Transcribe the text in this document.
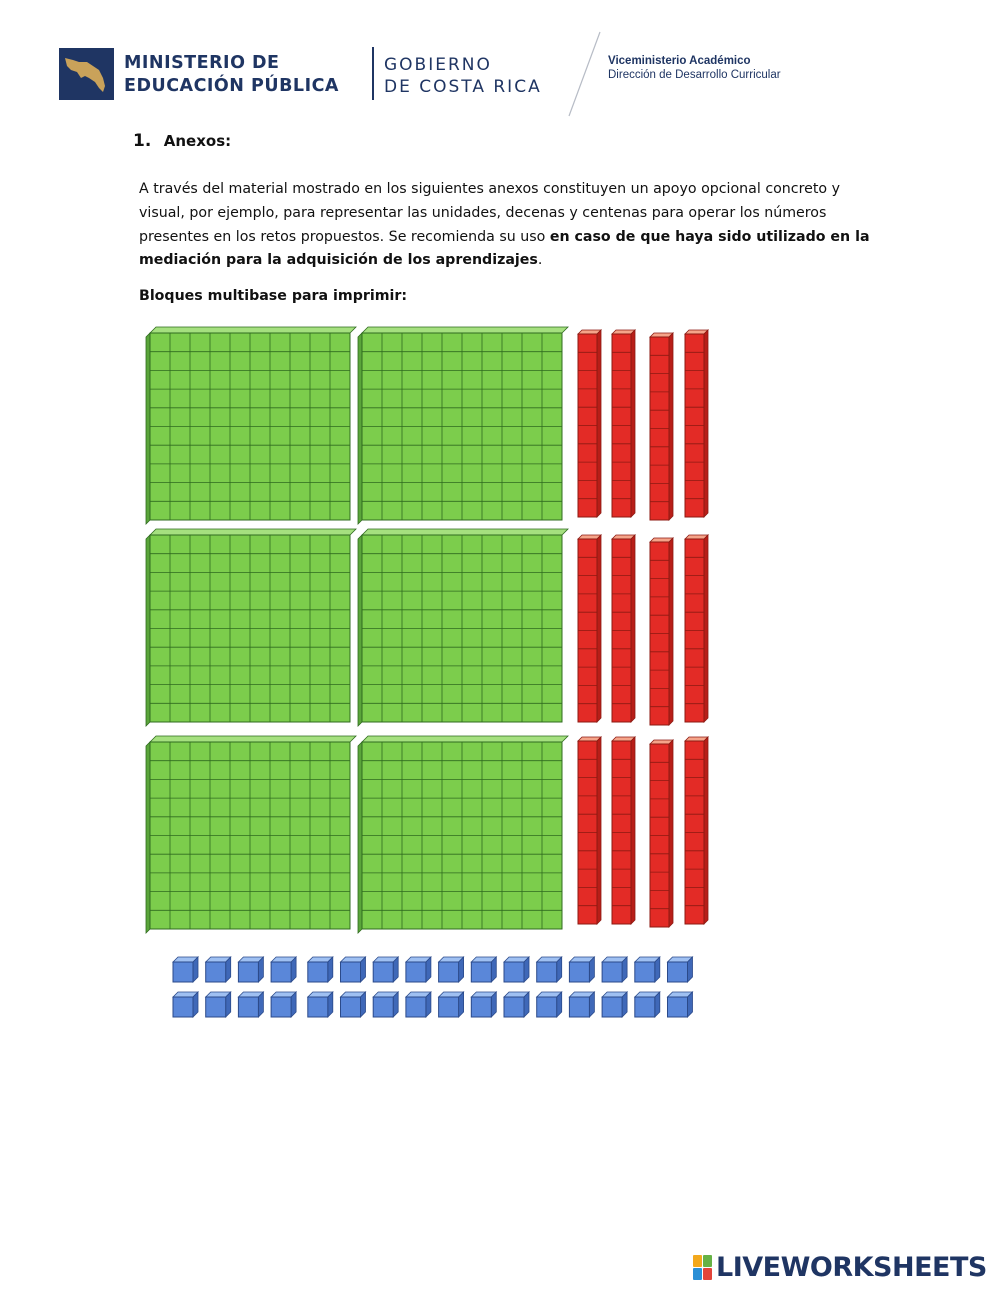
MINISTERIO DE
EDUCACIÓN PÚBLICA
GOBIERNO
DE COSTA RICA
Viceministerio Académico
Dirección de Desarrollo Curricular
1. Anexos:
A través del material mostrado en los siguientes anexos constituyen un apoyo opcional concreto y visual, por ejemplo, para representar las unidades, decenas y centenas para operar los números presentes en los retos propuestos. Se recomienda su uso en caso de que haya sido utilizado en la mediación para la adquisición de los aprendizajes.
Bloques multibase para imprimir:
LIVEWORKSHEETS
